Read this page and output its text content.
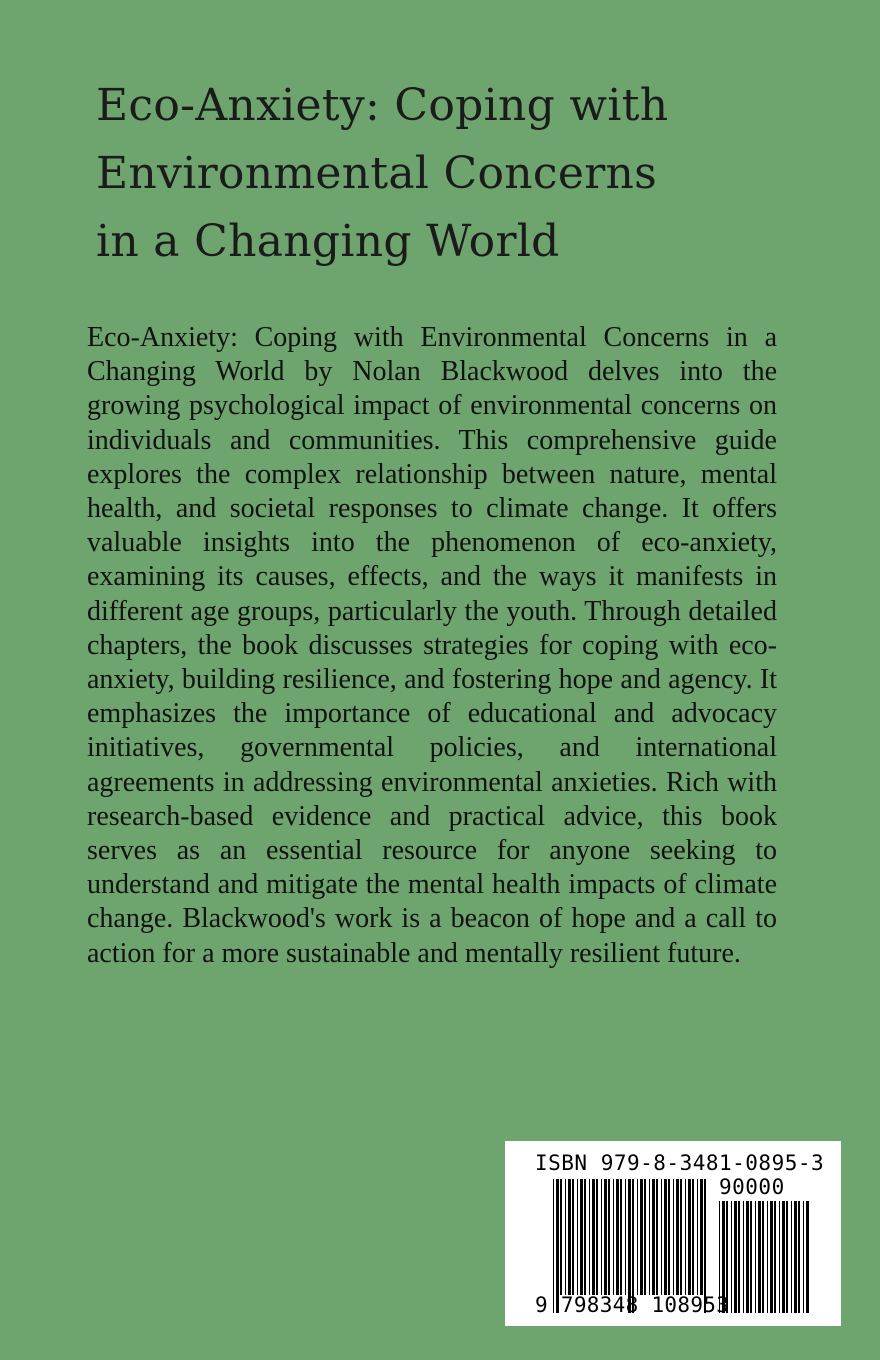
Eco-Anxiety: Coping with
Environmental Concerns
in a Changing World

Eco-Anxiety: Coping with Environmental Concerns in a Changing World by Nolan Blackwood delves into the growing psychological impact of environmental concerns on individuals and communities. This comprehensive guide explores the complex relationship between nature, mental health, and societal responses to climate change. It offers valuable insights into the phenomenon of eco-anxiety, examining its causes, effects, and the ways it manifests in different age groups, particularly the youth. Through detailed chapters, the book discusses strategies for coping with eco-anxiety, building resilience, and fostering hope and agency. It emphasizes the importance of educational and advocacy initiatives, governmental policies, and international agreements in addressing environmental anxieties. Rich with research-based evidence and practical advice, this book serves as an essential resource for anyone seeking to understand and mitigate the mental health impacts of climate change. Blackwood's work is a beacon of hope and a call to action for a more sustainable and mentally resilient future.

ISBN 979-8-3481-0895-3
90000
9 798348 108953
